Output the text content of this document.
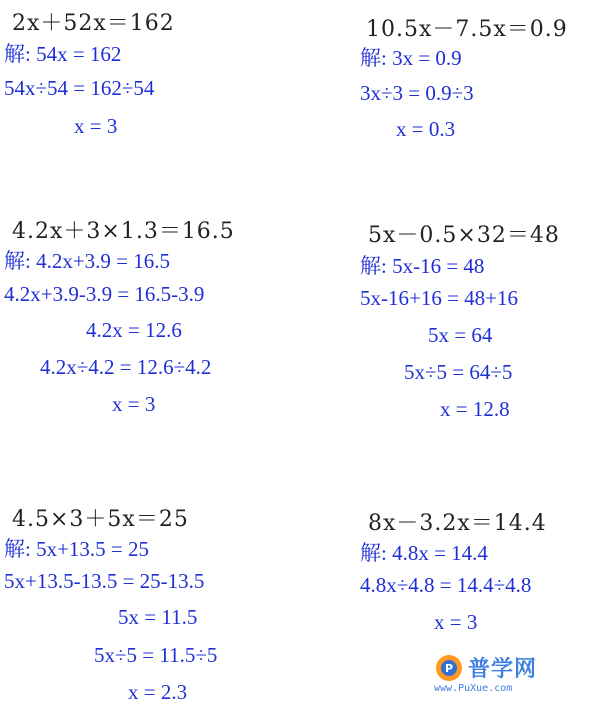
2x＋52x＝162
解: 54x = 162
54x÷54 = 162÷54
x = 3
10.5x－7.5x＝0.9
解: 3x = 0.9
3x÷3 = 0.9÷3
x = 0.3
4.2x＋3×1.3＝16.5
解: 4.2x+3.9 = 16.5
4.2x+3.9-3.9 = 16.5-3.9
4.2x = 12.6
4.2x÷4.2 = 12.6÷4.2
x = 3
5x－0.5×32＝48
解: 5x-16 = 48
5x-16+16 = 48+16
5x = 64
5x÷5 = 64÷5
x = 12.8
4.5×3＋5x＝25
解: 5x+13.5 = 25
5x+13.5-13.5 = 25-13.5
5x = 11.5
5x÷5 = 11.5÷5
x = 2.3
8x－3.2x＝14.4
解: 4.8x = 14.4
4.8x÷4.8 = 14.4÷4.8
x = 3
P 普学网
www.PuXue.com
